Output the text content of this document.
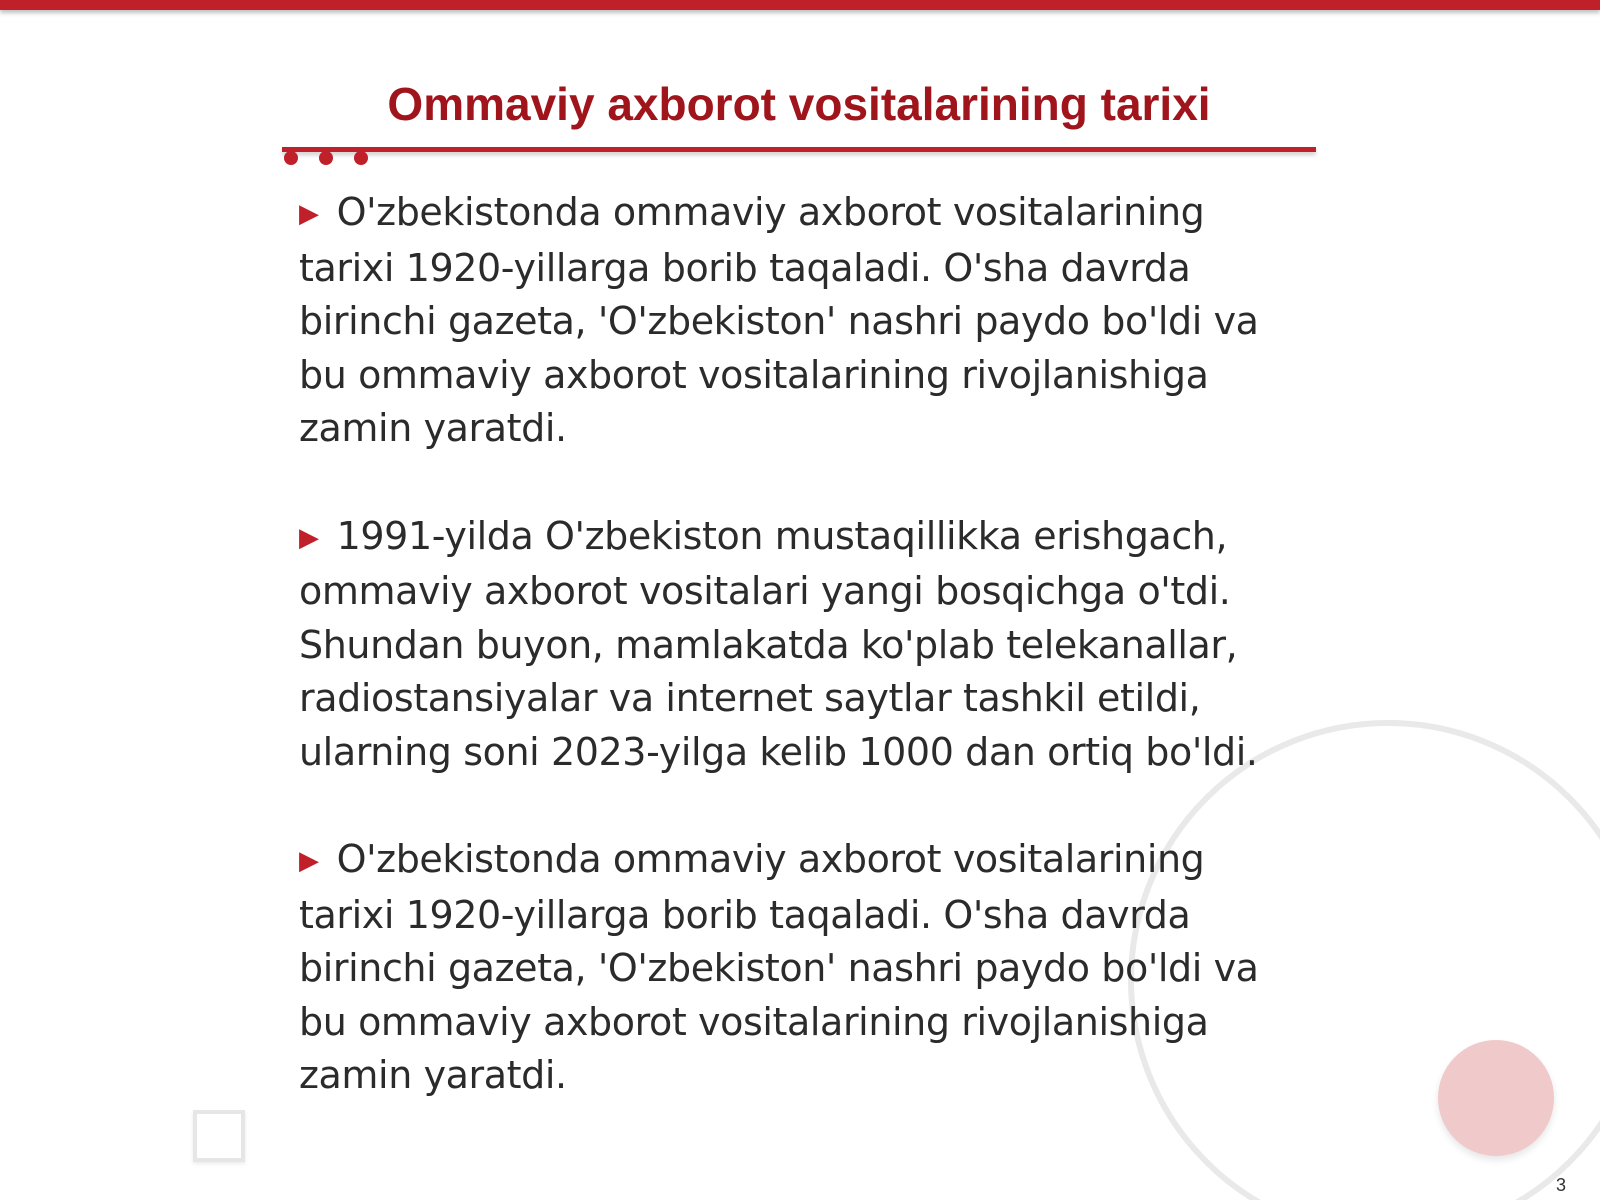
Ommaviy axborot vositalarining tarixi

▶ O'zbekistonda ommaviy axborot vositalarining tarixi 1920-yillarga borib taqaladi. O'sha davrda birinchi gazeta, 'O'zbekiston' nashri paydo bo'ldi va bu ommaviy axborot vositalarining rivojlanishiga zamin yaratdi.

▶ 1991-yilda O'zbekiston mustaqillikka erishgach, ommaviy axborot vositalari yangi bosqichga o'tdi. Shundan buyon, mamlakatda ko'plab telekanallar, radiostansiyalar va internet saytlar tashkil etildi, ularning soni 2023-yilga kelib 1000 dan ortiq bo'ldi.

▶ O'zbekistonda ommaviy axborot vositalarining tarixi 1920-yillarga borib taqaladi. O'sha davrda birinchi gazeta, 'O'zbekiston' nashri paydo bo'ldi va bu ommaviy axborot vositalarining rivojlanishiga zamin yaratdi.

3
